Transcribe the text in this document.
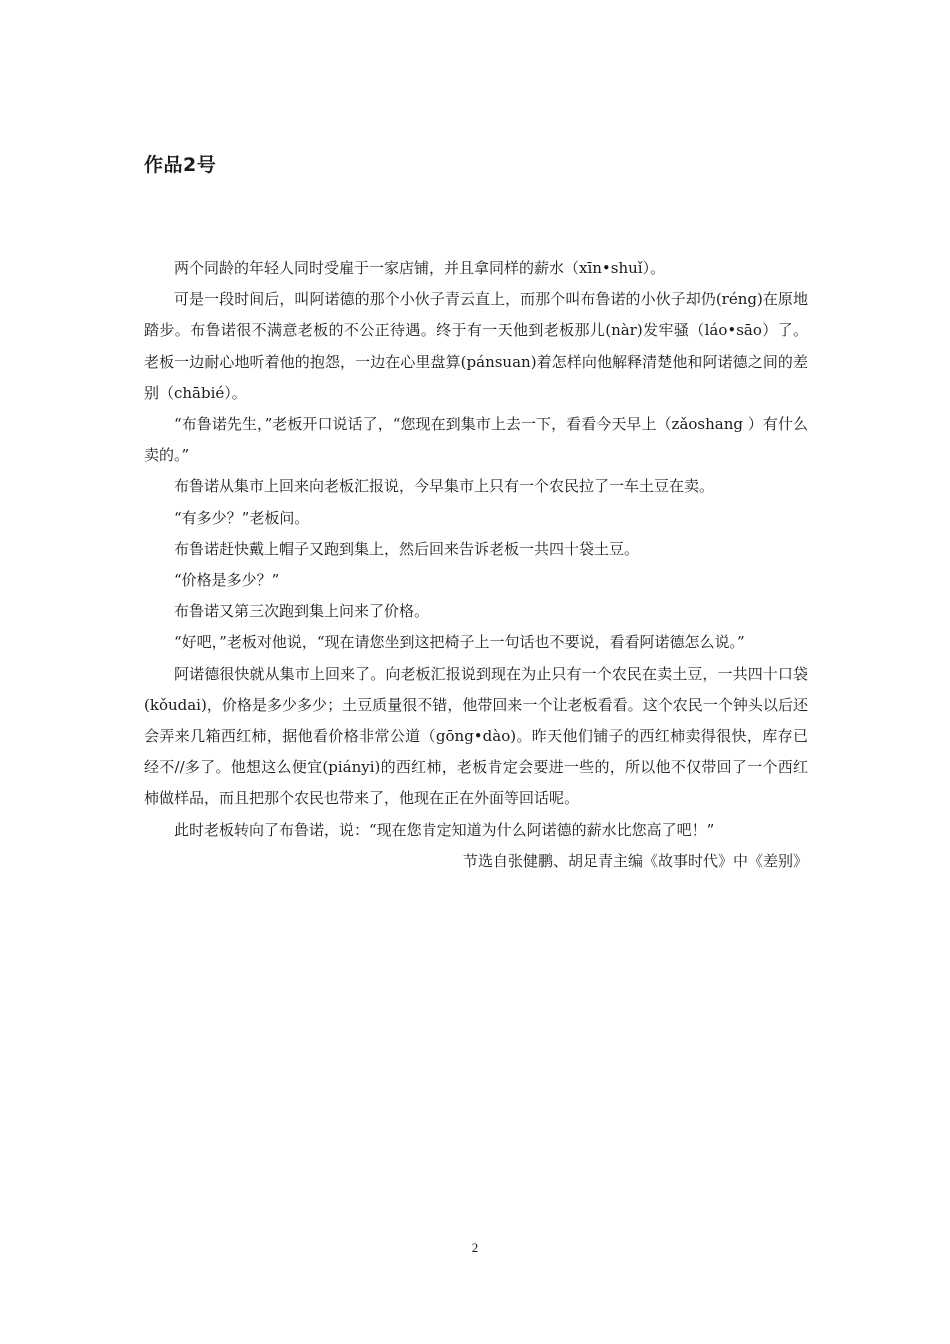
作品2号

两个同龄的年轻人同时受雇于一家店铺，并且拿同样的薪水（xīn•shuǐ）。

可是一段时间后，叫阿诺德的那个小伙子青云直上，而那个叫布鲁诺的小伙子却仍(réng)在原地踏步。布鲁诺很不满意老板的不公正待遇。终于有一天他到老板那儿(nàr)发牢骚（láo•sāo）了。老板一边耐心地听着他的抱怨，一边在心里盘算(pánsuan)着怎样向他解释清楚他和阿诺德之间的差别（chābié）。

“布鲁诺先生，”老板开口说话了，“您现在到集市上去一下，看看今天早上（zǎoshang ）有什么卖的。”

布鲁诺从集市上回来向老板汇报说，今早集市上只有一个农民拉了一车土豆在卖。

“有多少？”老板问。

布鲁诺赶快戴上帽子又跑到集上，然后回来告诉老板一共四十袋土豆。

“价格是多少？”

布鲁诺又第三次跑到集上问来了价格。

“好吧，”老板对他说，“现在请您坐到这把椅子上一句话也不要说，看看阿诺德怎么说。”

阿诺德很快就从集市上回来了。向老板汇报说到现在为止只有一个农民在卖土豆，一共四十口袋(kǒudai)，价格是多少多少；土豆质量很不错，他带回来一个让老板看看。这个农民一个钟头以后还会弄来几箱西红柿，据他看价格非常公道（gōng•dào)。昨天他们铺子的西红柿卖得很快，库存已经不//多了。他想这么便宜(piányi)的西红柿，老板肯定会要进一些的，所以他不仅带回了一个西红柿做样品，而且把那个农民也带来了，他现在正在外面等回话呢。

此时老板转向了布鲁诺，说：“现在您肯定知道为什么阿诺德的薪水比您高了吧！”

节选自张健鹏、胡足青主编《故事时代》中《差别》

2
